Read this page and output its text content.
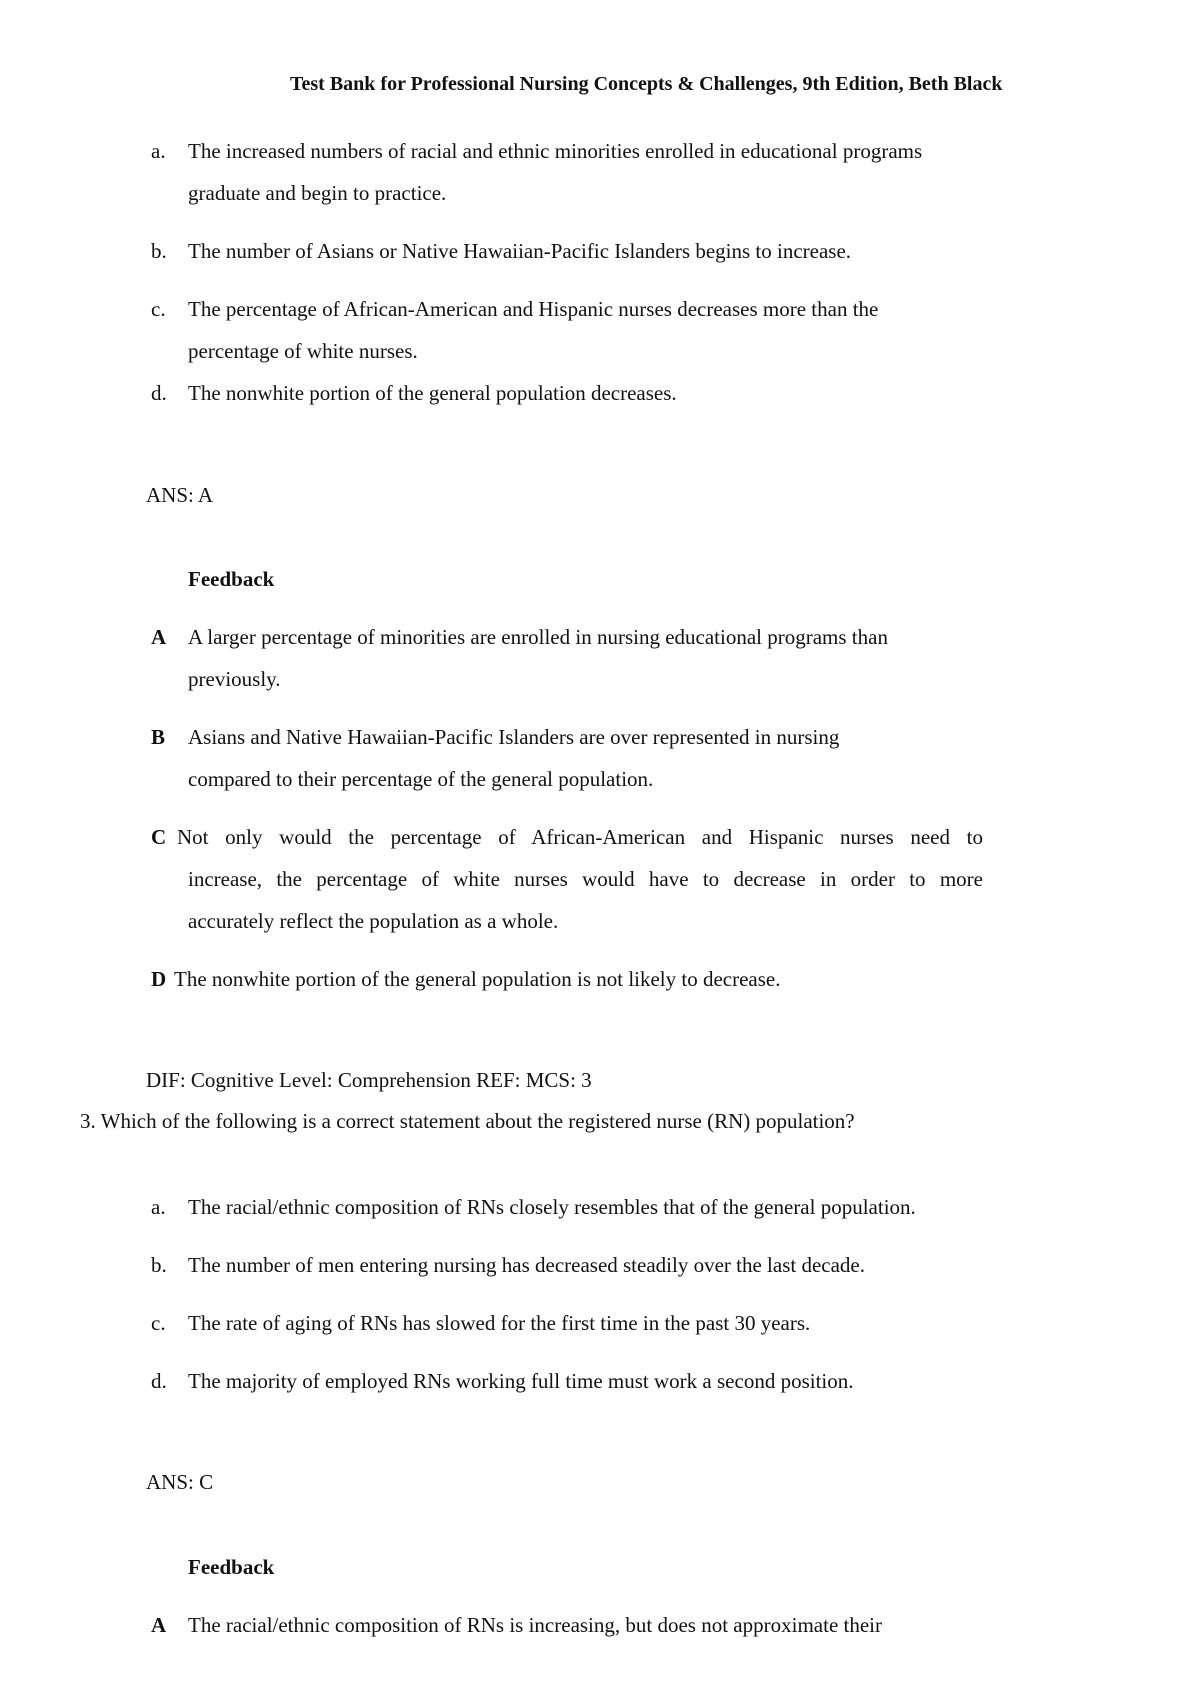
Test Bank for Professional Nursing Concepts & Challenges, 9th Edition, Beth Black
a. The increased numbers of racial and ethnic minorities enrolled in educational programs
graduate and begin to practice.
b. The number of Asians or Native Hawaiian-Pacific Islanders begins to increase.
c. The percentage of African-American and Hispanic nurses decreases more than the
percentage of white nurses.
d. The nonwhite portion of the general population decreases.
ANS: A
Feedback
A A larger percentage of minorities are enrolled in nursing educational programs than
previously.
B Asians and Native Hawaiian-Pacific Islanders are over represented in nursing
compared to their percentage of the general population.
C Not only would the percentage of African-American and Hispanic nurses need to
increase, the percentage of white nurses would have to decrease in order to more
accurately reflect the population as a whole.
D The nonwhite portion of the general population is not likely to decrease.
DIF: Cognitive Level: Comprehension REF: MCS: 3
3. Which of the following is a correct statement about the registered nurse (RN) population?
a. The racial/ethnic composition of RNs closely resembles that of the general population.
b. The number of men entering nursing has decreased steadily over the last decade.
c. The rate of aging of RNs has slowed for the first time in the past 30 years.
d. The majority of employed RNs working full time must work a second position.
ANS: C
Feedback
A The racial/ethnic composition of RNs is increasing, but does not approximate their
